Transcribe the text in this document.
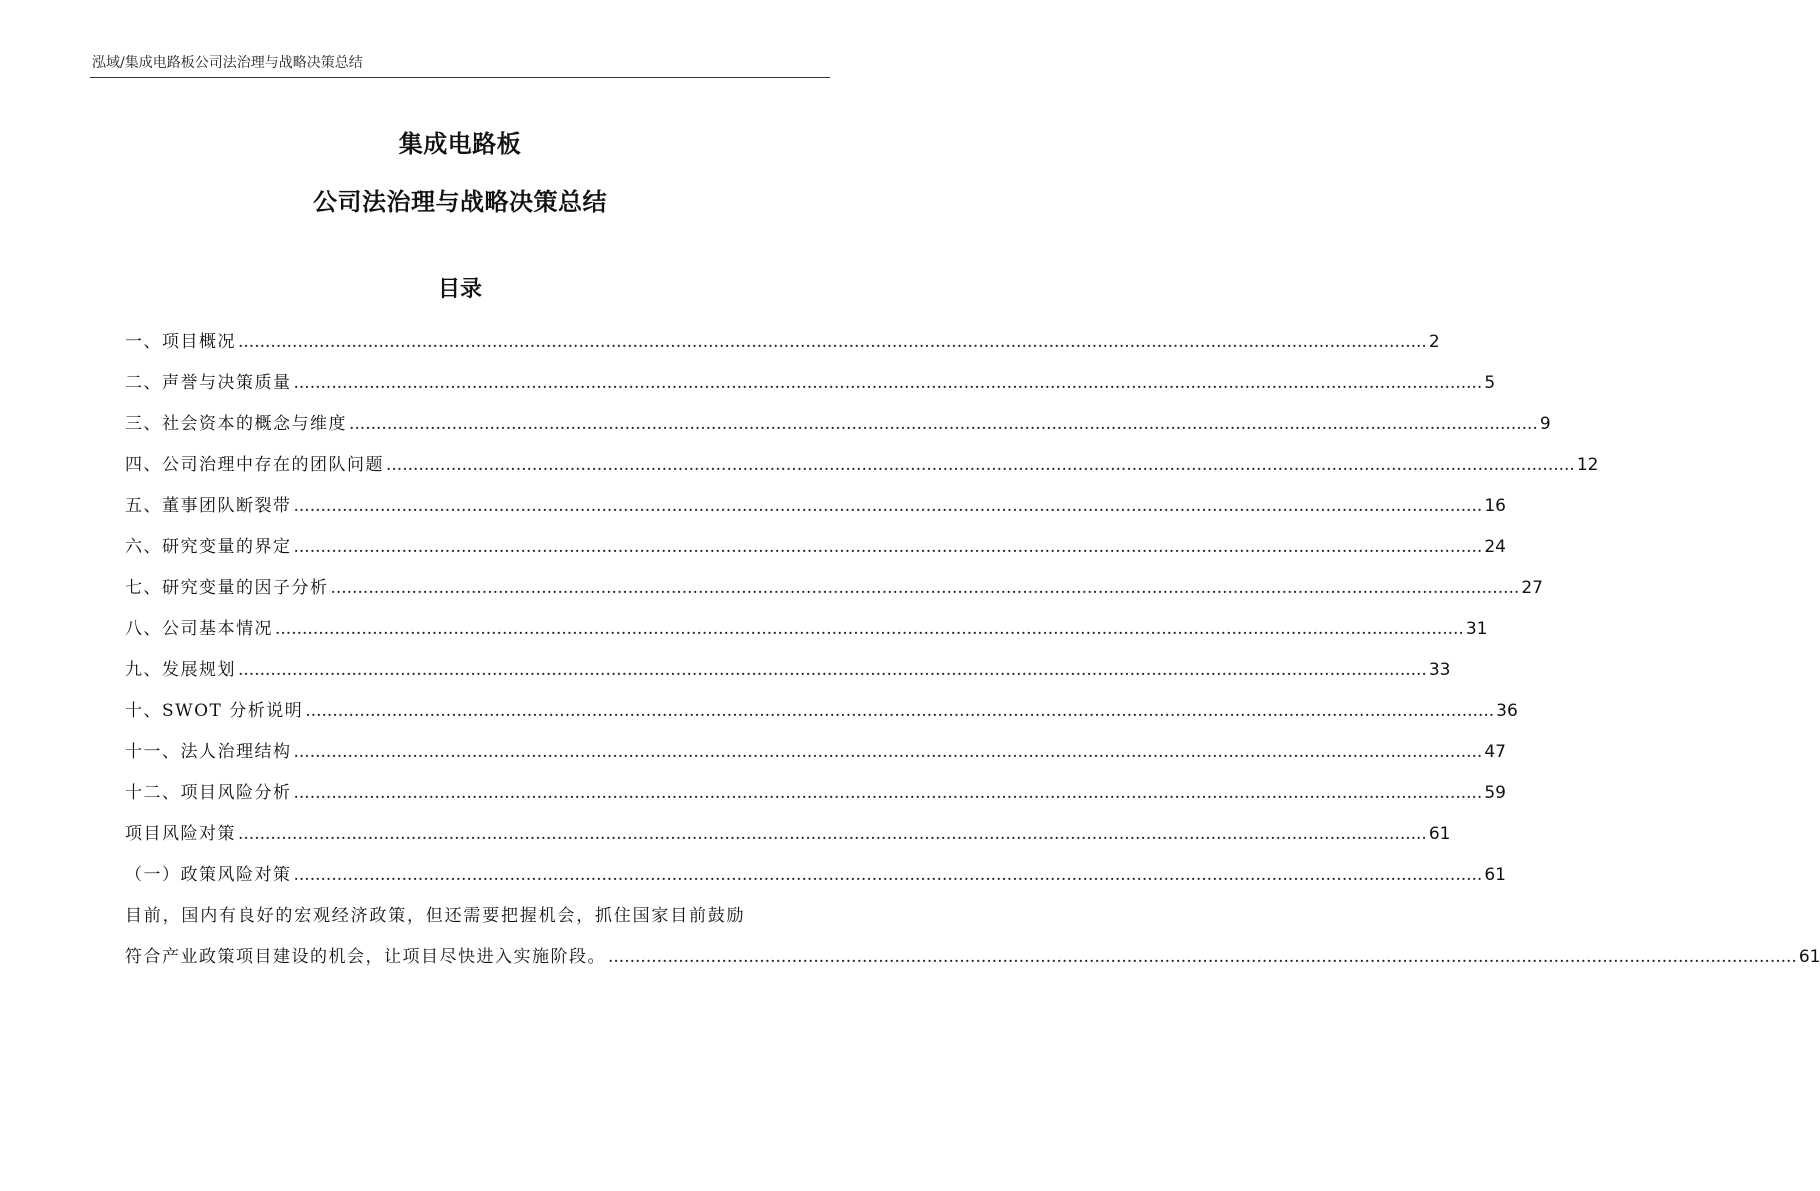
泓域/集成电路板公司法治理与战略决策总结
集成电路板
公司法治理与战略决策总结
目录
一、 项目概况 ............................................................................................................................................................................................................................ 2
二、 声誉与决策质量 ............................................................................................................................................................................................................................ 5
三、 社会资本的概念与维度 ............................................................................................................................................................................................................................ 9
四、 公司治理中存在的团队问题 ............................................................................................................................................................................................................................ 12
五、 董事团队断裂带 ............................................................................................................................................................................................................................ 16
六、 研究变量的界定 ............................................................................................................................................................................................................................ 24
七、 研究变量的因子分析 ............................................................................................................................................................................................................................ 27
八、 公司基本情况 ............................................................................................................................................................................................................................ 31
九、 发展规划 ............................................................................................................................................................................................................................ 33
十、 SWOT 分析说明 ............................................................................................................................................................................................................................ 36
十一、 法人治理结构 ............................................................................................................................................................................................................................ 47
十二、 项目风险分析 ............................................................................................................................................................................................................................ 59
项目风险对策 ............................................................................................................................................................................................................................ 61
（一）政策风险对策 ............................................................................................................................................................................................................................ 61
目前，国内有良好的宏观经济政策，但还需要把握机会，抓住国家目前鼓励
符合产业政策项目建设的机会，让项目尽快进入实施阶段。 ............................................................................................................................................................................................................................ 61
